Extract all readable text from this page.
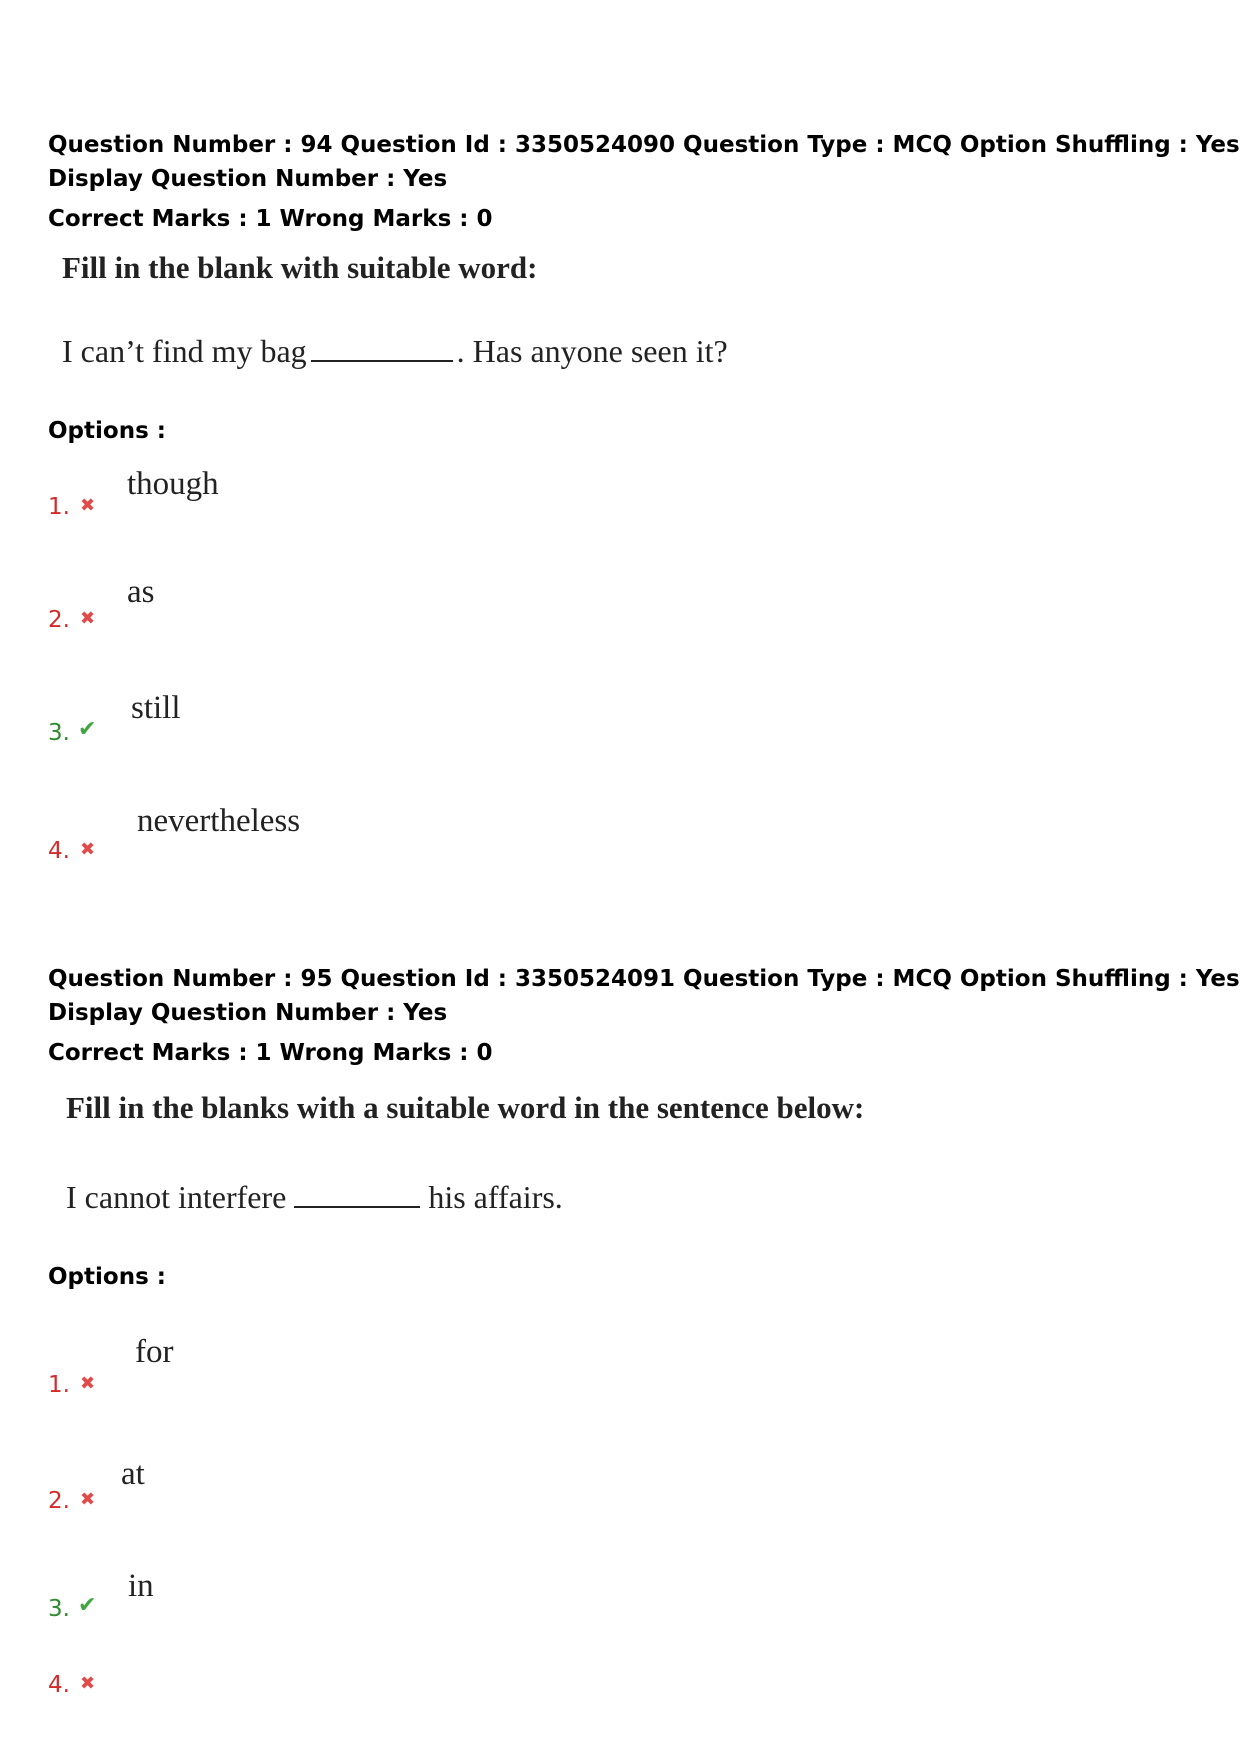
Question Number : 94 Question Id : 3350524090 Question Type : MCQ Option Shuffling : Yes
Display Question Number : Yes
Correct Marks : 1 Wrong Marks : 0
Fill in the blank with suitable word:
I can’t find my bag	. Has anyone seen it?
Options :
1. ✖
though
2. ✖
as
3. ✔
still
4. ✖
nevertheless
Question Number : 95 Question Id : 3350524091 Question Type : MCQ Option Shuffling : Yes
Display Question Number : Yes
Correct Marks : 1 Wrong Marks : 0
Fill in the blanks with a suitable word in the sentence below:
I cannot interfere	his affairs.
Options :
1. ✖
for
2. ✖
at
3. ✔
in
4. ✖
